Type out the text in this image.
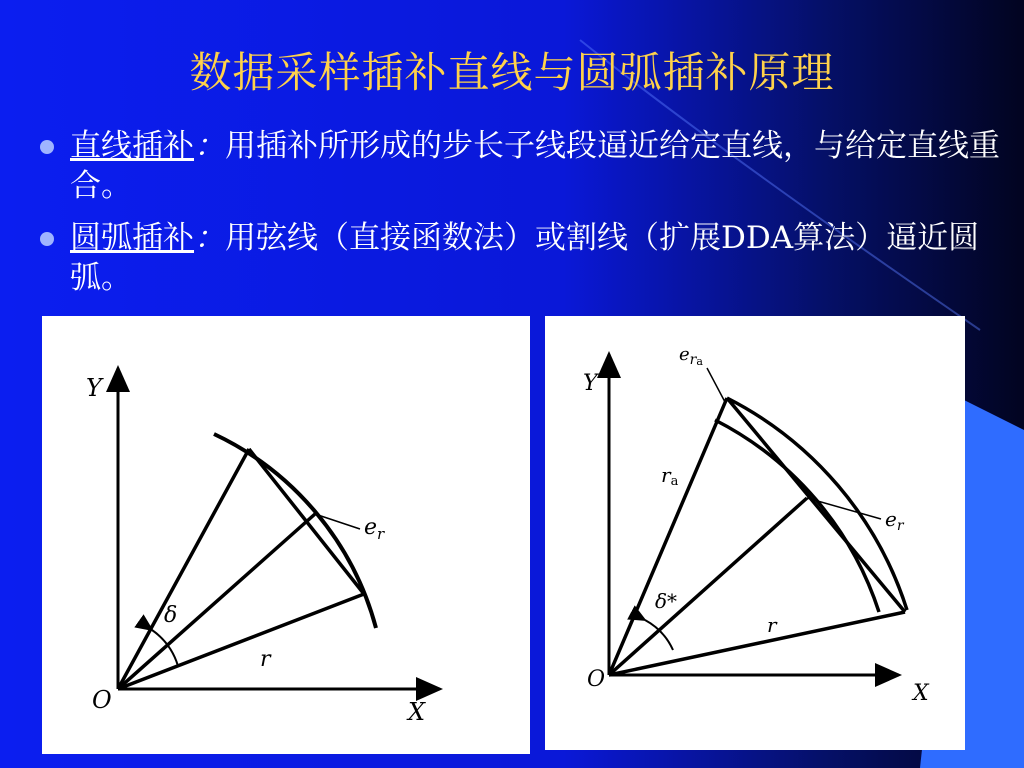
数据采样插补直线与圆弧插补原理
直线插补：用插补所形成的步长子线段逼近给定直线，与给定直线重合。
圆弧插补：用弦线（直接函数法）或割线（扩展DDA算法）逼近圆弧。
Y
X
O
δ
r
$e_r$
Y
X
O
δ*
r
ra
$e_r$
$e_ra$
